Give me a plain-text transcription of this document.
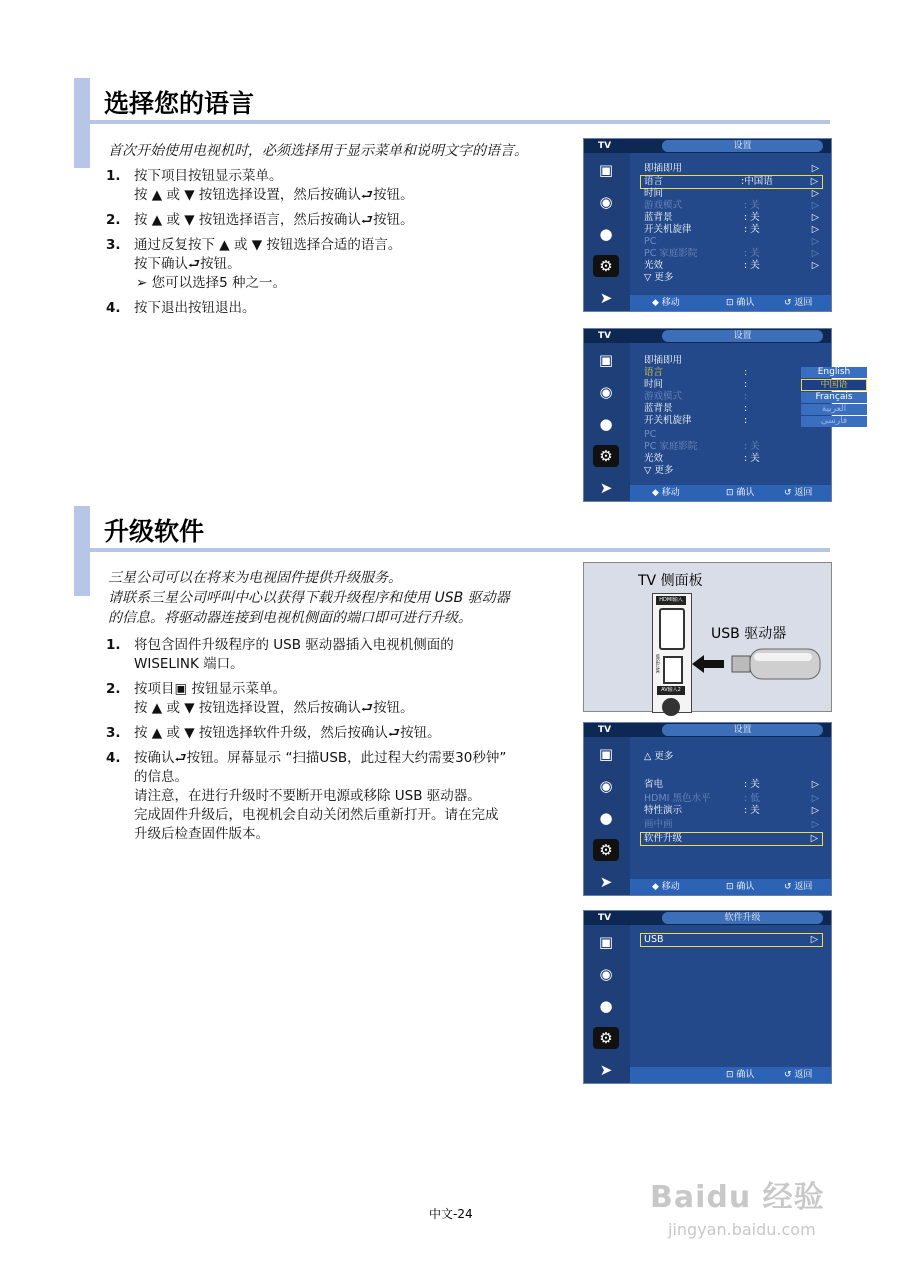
选择您的语言
首次开始使用电视机时，必须选择用于显示菜单和说明文字的语言。
1. 按下项目按钮显示菜单。
按 ▲ 或 ▼ 按钮选择设置，然后按确认⮐按钮。
2. 按 ▲ 或 ▼ 按钮选择语言，然后按确认⮐按钮。
3. 通过反复按下 ▲ 或 ▼ 按钮选择合适的语言。
按下确认⮐按钮。
➢ 您可以选择5 种之一。
4. 按下退出按钮退出。
TV	设置
▣
◉
●
⚙
➤
即插即用	▷
语言	:中国语	▷
时间	▷
游戏模式	: 关	▷
蓝背景	: 关	▷
开关机旋律	: 关	▷
PC	▷
PC 家庭影院	: 关	▷
光效	: 关	▷
▽ 更多
◆ 移动	⊡ 确认	↺ 返回
TV	设置
▣
◉
●
⚙
➤
即插即用
语言	:
时间	:
游戏模式	:
蓝背景	:
开关机旋律	:
PC
PC 家庭影院	: 关
光效	: 关
▽ 更多
English
中国语
Français
العربية
فارسی
◆ 移动	⊡ 确认	↺ 返回
升级软件
三星公司可以在将来为电视固件提供升级服务。
请联系三星公司呼叫中心以获得下载升级程序和使用 USB 驱动器
的信息。将驱动器连接到电视机侧面的端口即可进行升级。
1. 将包含固件升级程序的 USB 驱动器插入电视机侧面的
WISELINK 端口。
2. 按项目▣ 按钮显示菜单。
按 ▲ 或 ▼ 按钮选择设置，然后按确认⮐按钮。
3. 按 ▲ 或 ▼ 按钮选择软件升级，然后按确认⮐按钮。
4. 按确认⮐按钮。屏幕显示 “扫描USB，此过程大约需要30秒钟”
的信息。
请注意，在进行升级时不要断开电源或移除 USB 驱动器。
完成固件升级后，电视机会自动关闭然后重新打开。请在完成
升级后检查固件版本。
TV 侧面板
USB 驱动器
HDMI输入
WISELINK
AV输入2
TV	设置
▣
◉
●
⚙
➤
△ 更多
省电	: 关	▷
HDMI 黑色水平	: 低	▷
特性演示	: 关	▷
画中画	▷
软件升级	▷
◆ 移动	⊡ 确认	↺ 返回
TV	软件升级
▣
◉
●
⚙
➤
USB	▷
⊡ 确认	↺ 返回
中文-24	Baidu 经验
jingyan.baidu.com
